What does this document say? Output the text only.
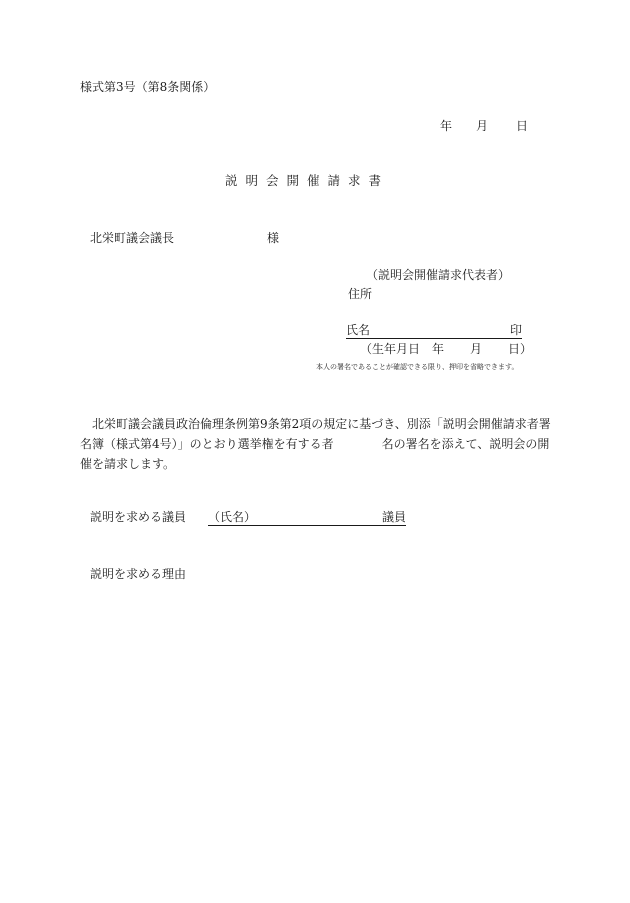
様式第3号（第8条関係）
年 月 日
説明会開催請求書
北栄町議会議長	様
（説明会開催請求代表者）
住所
氏名	印
（生年月日 年 月 日）
本人の署名であることが確認できる限り、押印を省略できます。
北栄町議会議員政治倫理条例第9条第2項の規定に基づき、別添「説明会開催請求者署名簿（様式第4号）」のとおり選挙権を有する者	名の署名を添えて、説明会の開催を請求します。
説明を求める議員 （氏名）	議員
説明を求める理由
